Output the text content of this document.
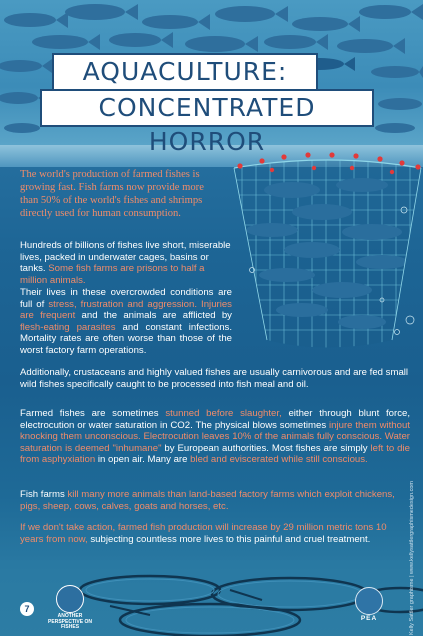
AQUACULTURE:
CONCENTRATED HORROR
The world's production of farmed fishes is growing fast. Fish farms now provide more than 50% of the world's fishes and shrimps directly used for human consumption.
Hundreds of billions of fishes live short, miserable lives, packed in underwater cages, basins or tanks. Some fish farms are prisons to half a million animals.
Their lives in these overcrowded conditions are full of stress, frustration and aggression. Injuries are frequent and the animals are afflicted by flesh-eating parasites and constant infections. Mortality rates are often worse than those of the worst factory farm operations.
Additionally, crustaceans and highly valued fishes are usually carnivorous and are fed small wild fishes specifically caught to be processed into fish meal and oil.
Farmed fishes are sometimes stunned before slaughter, either through blunt force, electrocution or water saturation in CO2. The physical blows sometimes injure them without knocking them unconscious. Electrocution leaves 10% of the animals fully conscious. Water saturation is deemed "inhumane" by European authorities. Most fishes are simply left to die from asphyxiation in open air. Many are bled and eviscerated while still conscious.
Fish farms kill many more animals than land-based factory farms which exploit chickens, pigs, sheep, cows, calves, goats and horses, etc.
If we don't take action, farmed fish production will increase by 29 million metric tons 10 years from now, subjecting countless more lives to this painful and cruel treatment.
7
ANOTHER PERSPECTIVE ON FISHES
PEA	Kelly Sattler graphisme | www.kellysattlergraphismedesign.com
